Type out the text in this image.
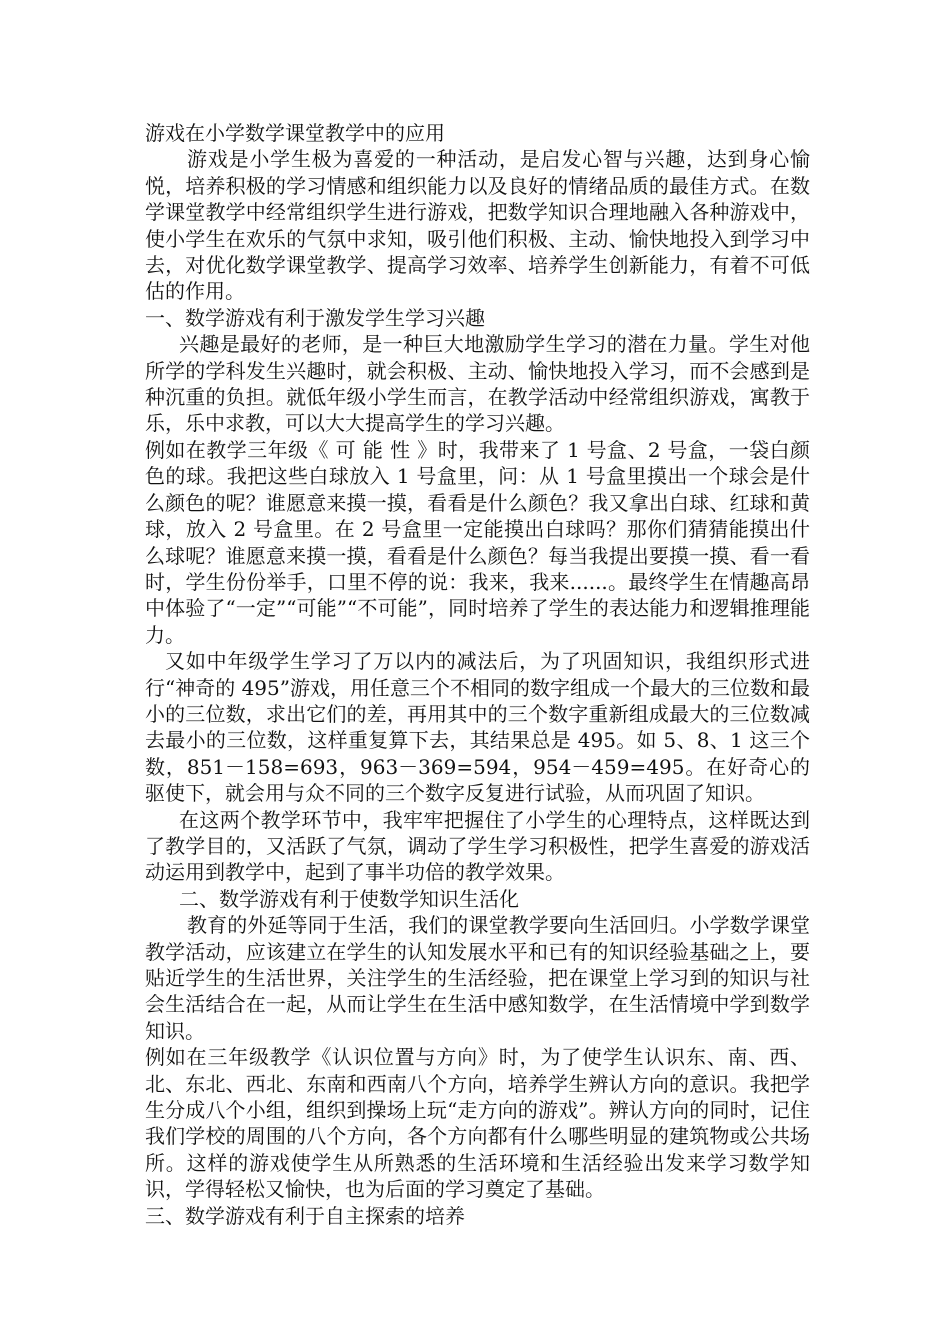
游戏在小学数学课堂教学中的应用

游戏是小学生极为喜爱的一种活动，是启发心智与兴趣，达到身心愉悦，培养积极的学习情感和组织能力以及良好的情绪品质的最佳方式。在数学课堂教学中经常组织学生进行游戏，把数学知识合理地融入各种游戏中，使小学生在欢乐的气氛中求知，吸引他们积极、主动、愉快地投入到学习中去，对优化数学课堂教学、提高学习效率、培养学生创新能力，有着不可低估的作用。

一、数学游戏有利于激发学生学习兴趣

兴趣是最好的老师，是一种巨大地激励学生学习的潜在力量。学生对他所学的学科发生兴趣时，就会积极、主动、愉快地投入学习，而不会感到是种沉重的负担。就低年级小学生而言，在教学活动中经常组织游戏，寓教于乐，乐中求教，可以大大提高学生的学习兴趣。

例如在教学三年级《 可 能 性 》时，我带来了 1 号盒、2 号盒，一袋白颜色的球。我把这些白球放入 1 号盒里，问：从 1 号盒里摸出一个球会是什么颜色的呢？谁愿意来摸一摸，看看是什么颜色？我又拿出白球、红球和黄球，放入 2 号盒里。在 2 号盒里一定能摸出白球吗？那你们猜猜能摸出什么球呢？谁愿意来摸一摸，看看是什么颜色？每当我提出要摸一摸、看一看时，学生份份举手，口里不停的说：我来，我来......。最终学生在情趣高昂中体验了“一定”“可能”“不可能”，同时培养了学生的表达能力和逻辑推理能力。

又如中年级学生学习了万以内的减法后，为了巩固知识，我组织形式进行“神奇的 495”游戏，用任意三个不相同的数字组成一个最大的三位数和最小的三位数，求出它们的差，再用其中的三个数字重新组成最大的三位数减去最小的三位数，这样重复算下去，其结果总是 495。如 5、8、1 这三个数，851－158=693，963－369=594，954－459=495。在好奇心的驱使下，就会用与众不同的三个数字反复进行试验，从而巩固了知识。

在这两个教学环节中，我牢牢把握住了小学生的心理特点，这样既达到了教学目的，又活跃了气氛，调动了学生学习积极性，把学生喜爱的游戏活动运用到教学中，起到了事半功倍的教学效果。

二、数学游戏有利于使数学知识生活化

教育的外延等同于生活，我们的课堂教学要向生活回归。小学数学课堂教学活动，应该建立在学生的认知发展水平和已有的知识经验基础之上，要贴近学生的生活世界，关注学生的生活经验，把在课堂上学习到的知识与社会生活结合在一起，从而让学生在生活中感知数学，在生活情境中学到数学知识。

例如在三年级教学《认识位置与方向》时，为了使学生认识东、南、西、北、东北、西北、东南和西南八个方向，培养学生辨认方向的意识。我把学生分成八个小组，组织到操场上玩“走方向的游戏”。辨认方向的同时，记住我们学校的周围的八个方向，各个方向都有什么哪些明显的建筑物或公共场所。这样的游戏使学生从所熟悉的生活环境和生活经验出发来学习数学知识，学得轻松又愉快，也为后面的学习奠定了基础。

三、数学游戏有利于自主探索的培养
